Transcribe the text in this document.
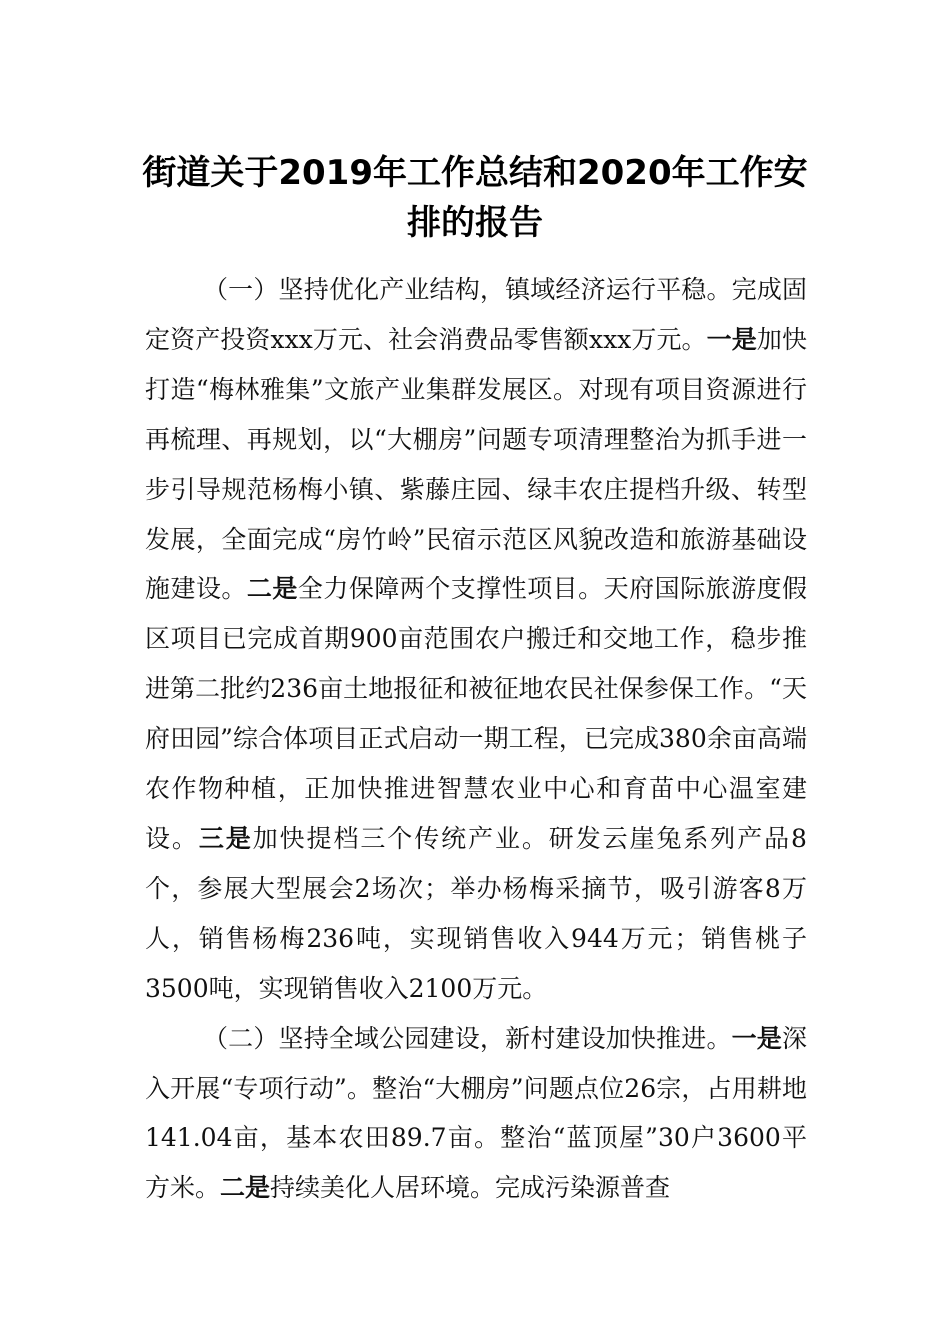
街道关于2019年工作总结和2020年工作安排的报告

（一）坚持优化产业结构，镇域经济运行平稳。完成固定资产投资xxx万元、社会消费品零售额xxx万元。一是加快打造“梅林雅集”文旅产业集群发展区。对现有项目资源进行再梳理、再规划，以“大棚房”问题专项清理整治为抓手进一步引导规范杨梅小镇、紫藤庄园、绿丰农庄提档升级、转型发展，全面完成“房竹岭”民宿示范区风貌改造和旅游基础设施建设。二是全力保障两个支撑性项目。天府国际旅游度假区项目已完成首期900亩范围农户搬迁和交地工作，稳步推进第二批约236亩土地报征和被征地农民社保参保工作。“天府田园”综合体项目正式启动一期工程，已完成380余亩高端农作物种植，正加快推进智慧农业中心和育苗中心温室建设。三是加快提档三个传统产业。研发云崖兔系列产品8个，参展大型展会2场次；举办杨梅采摘节，吸引游客8万人，销售杨梅236吨，实现销售收入944万元；销售桃子3500吨，实现销售收入2100万元。

（二）坚持全域公园建设，新村建设加快推进。一是深入开展“专项行动”。整治“大棚房”问题点位26宗，占用耕地141.04亩，基本农田89.7亩。整治“蓝顶屋”30户3600平方米。二是持续美化人居环境。完成污染源普查
